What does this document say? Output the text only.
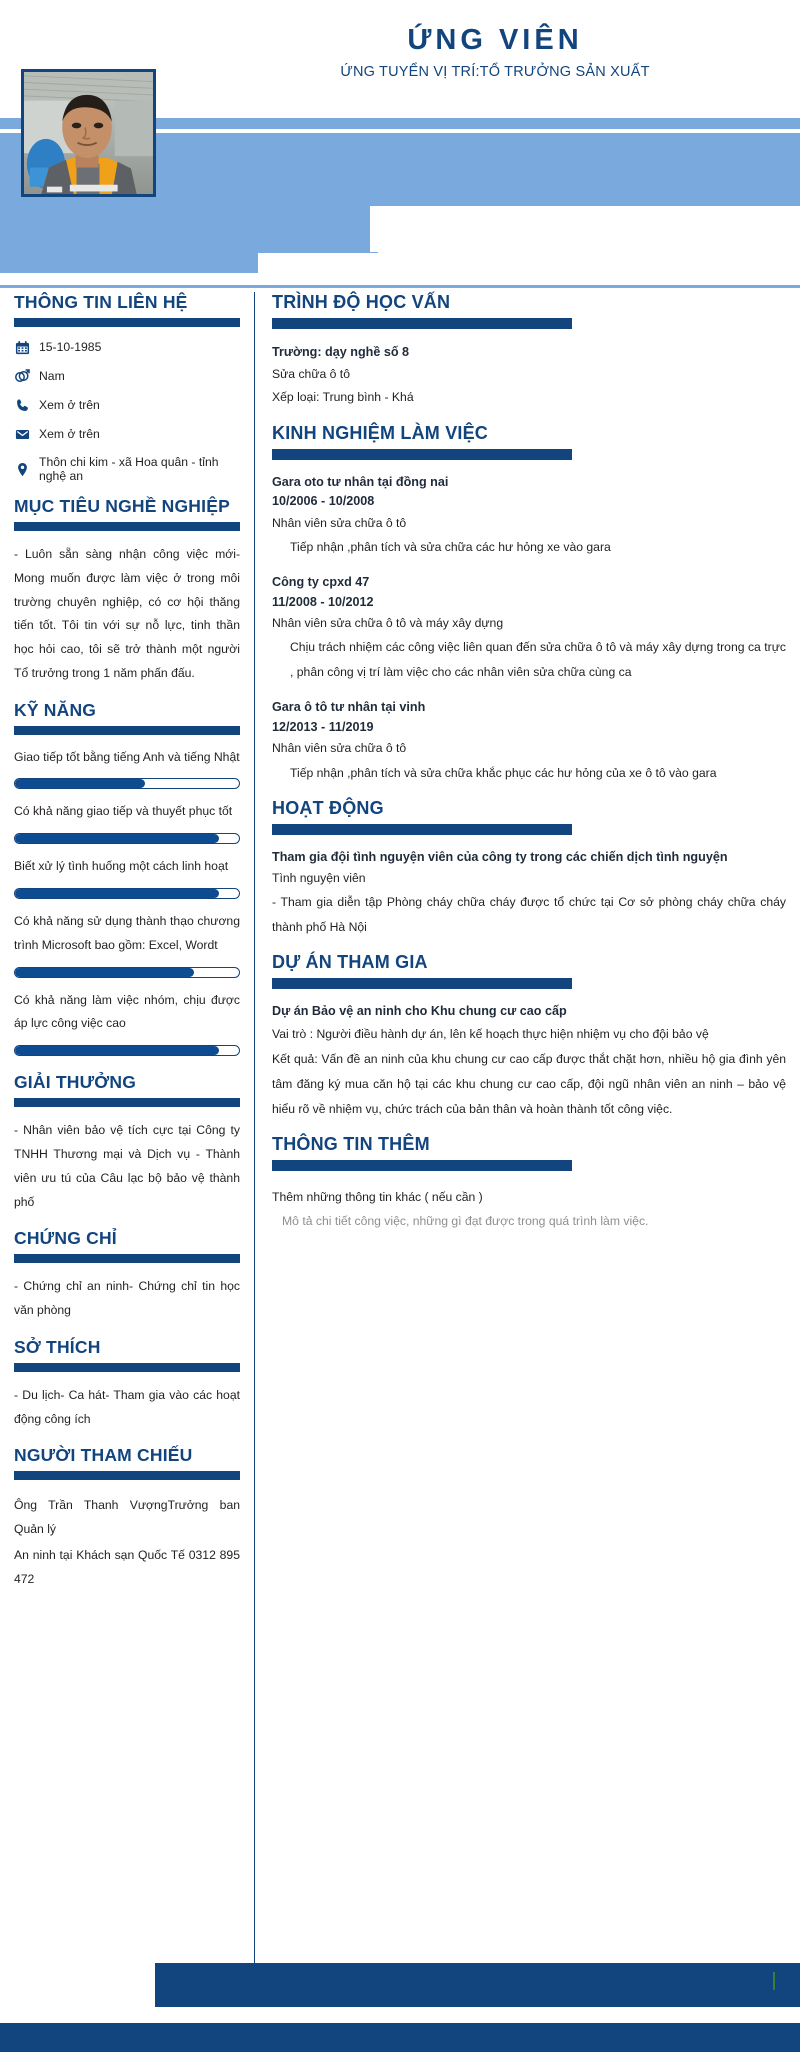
ỨNG VIÊN
ỨNG TUYỂN VỊ TRÍ:TỔ TRƯỞNG SẢN XUẤT
THÔNG TIN LIÊN HỆ
15-10-1985
Nam
Xem ở trên
Xem ở trên
Thôn chi kim - xã Hoa quân - tỉnh nghệ an
MỤC TIÊU NGHỀ NGHIỆP
- Luôn sẵn sàng nhận công việc mới- Mong muốn được làm việc ở trong môi trường chuyên nghiệp, có cơ hội thăng tiến tốt. Tôi tin với sự nỗ lực, tinh thần học hỏi cao, tôi sẽ trở thành một người Tổ trưởng trong 1 năm phấn đấu.
KỸ NĂNG
Giao tiếp tốt bằng tiếng Anh và tiếng Nhật
Có khả năng giao tiếp và thuyết phục tốt
Biết xử lý tình huống một cách linh hoạt
Có khả năng sử dụng thành thạo chương trình Microsoft bao gồm: Excel, Wordt
Có khả năng làm việc nhóm, chịu được áp lực công việc cao
GIẢI THƯỞNG
- Nhân viên bảo vệ tích cực tại Công ty TNHH Thương mại và Dịch vụ - Thành viên ưu tú của Câu lạc bộ bảo vệ thành phố
CHỨNG CHỈ
- Chứng chỉ an ninh- Chứng chỉ tin học văn phòng
SỞ THÍCH
- Du lịch- Ca hát- Tham gia vào các hoạt động công ích
NGƯỜI THAM CHIẾU

Ông Trần Thanh VượngTrưởng ban Quản lý

An ninh tại Khách sạn Quốc Tế 0312 895 472

TRÌNH ĐỘ HỌC VẤN
Trường: dạy nghề số 8
Sửa chữa ô tô
Xếp loại: Trung bình - Khá
KINH NGHIỆM LÀM VIỆC
Gara oto tư nhân tại đồng nai
10/2006 - 10/2008
Nhân viên sửa chữa ô tô
Tiếp nhận ,phân tích và sửa chữa các hư hỏng xe vào gara
Công ty cpxd 47
11/2008 - 10/2012
Nhân viên sửa chữa ô tô và máy xây dựng
Chịu trách nhiệm các công việc liên quan đến sửa chữa ô tô và máy xây dựng trong ca trực , phân công vị trí làm việc cho các nhân viên sửa chữa cùng ca
Gara ô tô tư nhân tại vinh
12/2013 - 11/2019
Nhân viên sửa chữa ô tô
Tiếp nhận ,phân tích và sửa chữa khắc phục các hư hỏng của xe ô tô vào gara
HOẠT ĐỘNG
Tham gia đội tình nguyện viên của công ty trong các chiến dịch tình nguyện
Tình nguyện viên
- Tham gia diễn tập Phòng cháy chữa cháy được tổ chức tại Cơ sở phòng cháy chữa cháy thành phố Hà Nội
DỰ ÁN THAM GIA
Dự án Bảo vệ an ninh cho Khu chung cư cao cấp
Vai trò : Người điều hành dự án, lên kế hoạch thực hiện nhiệm vụ cho đội bảo vệ
Kết quả: Vấn đề an ninh của khu chung cư cao cấp được thắt chặt hơn, nhiều hộ gia đình yên tâm đăng ký mua căn hộ tại các khu chung cư cao cấp, đội ngũ nhân viên an ninh – bảo vệ hiểu rõ về nhiệm vụ, chức trách của bản thân và hoàn thành tốt công việc.
THÔNG TIN THÊM
Thêm những thông tin khác ( nếu cần )
Mô tả chi tiết công việc, những gì đạt được trong quá trình làm việc.
